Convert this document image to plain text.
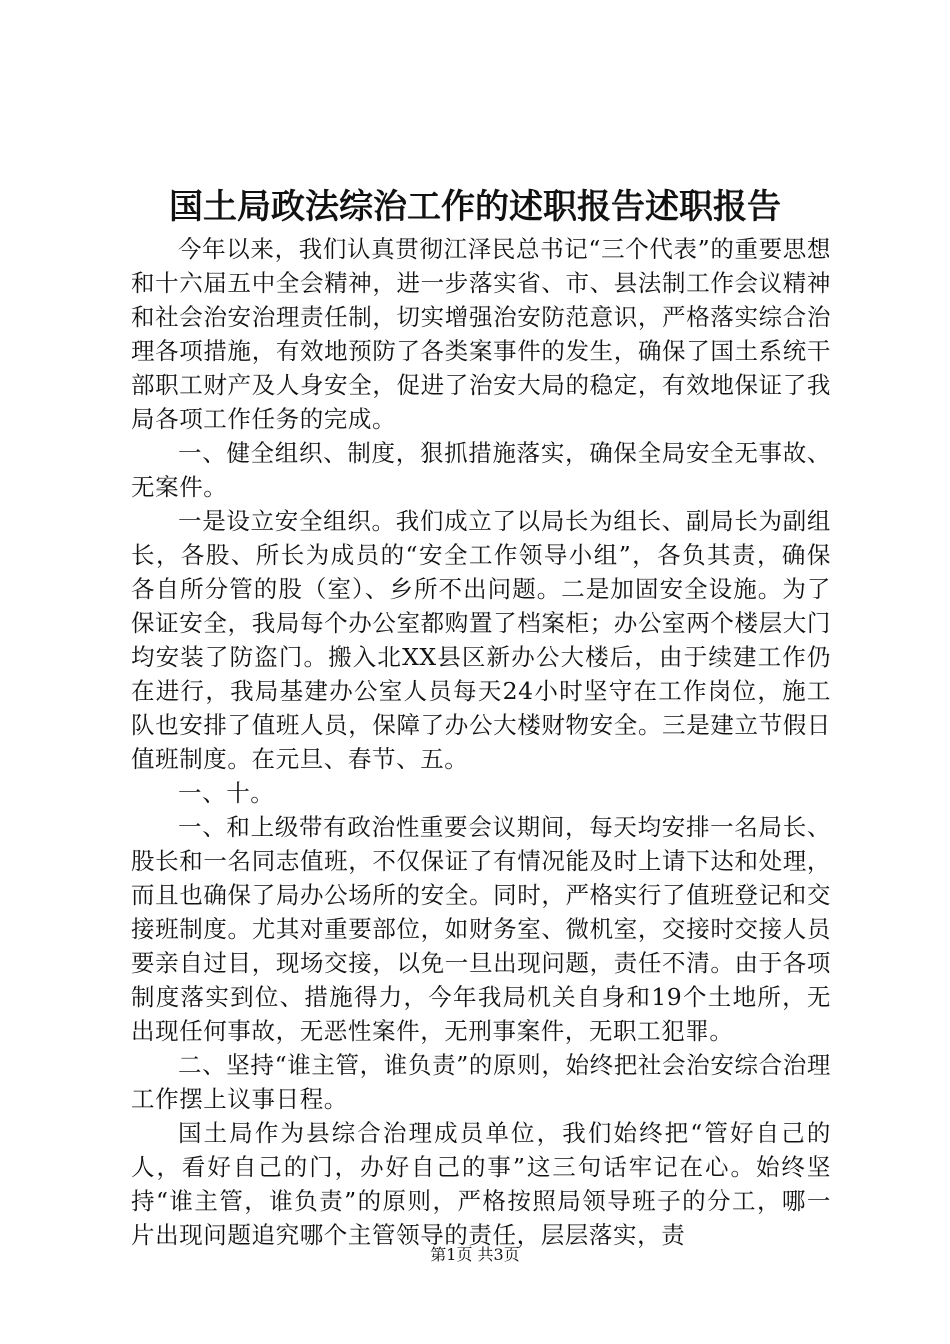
国土局政法综治工作的述职报告述职报告

今年以来，我们认真贯彻江泽民总书记“三个代表”的重要思想和十六届五中全会精神，进一步落实省、市、县法制工作会议精神和社会治安治理责任制，切实增强治安防范意识，严格落实综合治理各项措施，有效地预防了各类案事件的发生，确保了国土系统干部职工财产及人身安全，促进了治安大局的稳定，有效地保证了我局各项工作任务的完成。

一、健全组织、制度，狠抓措施落实，确保全局安全无事故、无案件。

一是设立安全组织。我们成立了以局长为组长、副局长为副组长，各股、所长为成员的“安全工作领导小组”，各负其责，确保各自所分管的股（室）、乡所不出问题。二是加固安全设施。为了保证安全，我局每个办公室都购置了档案柜；办公室两个楼层大门均安装了防盗门。搬入北XX县区新办公大楼后，由于续建工作仍在进行，我局基建办公室人员每天24小时坚守在工作岗位，施工队也安排了值班人员，保障了办公大楼财物安全。三是建立节假日值班制度。在元旦、春节、五。

一、十。

一、和上级带有政治性重要会议期间，每天均安排一名局长、股长和一名同志值班，不仅保证了有情况能及时上请下达和处理，而且也确保了局办公场所的安全。同时，严格实行了值班登记和交接班制度。尤其对重要部位，如财务室、微机室，交接时交接人员要亲自过目，现场交接，以免一旦出现问题，责任不清。由于各项制度落实到位、措施得力，今年我局机关自身和19个土地所，无出现任何事故，无恶性案件，无刑事案件，无职工犯罪。

二、坚持“谁主管，谁负责”的原则，始终把社会治安综合治理工作摆上议事日程。

国土局作为县综合治理成员单位，我们始终把“管好自己的人，看好自己的门，办好自己的事”这三句话牢记在心。始终坚持“谁主管，谁负责”的原则，严格按照局领导班子的分工，哪一片出现问题追究哪个主管领导的责任，层层落实，责

第1页 共3页
